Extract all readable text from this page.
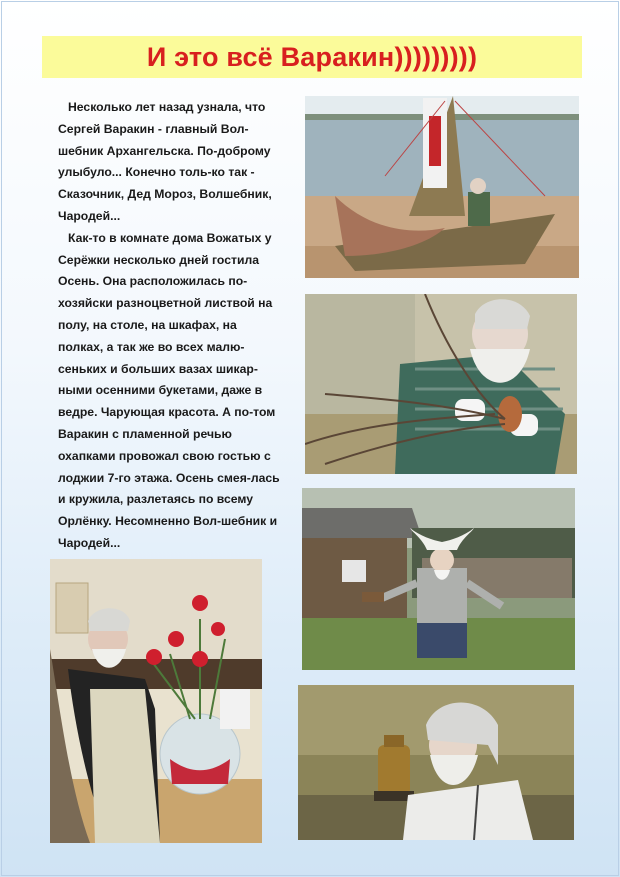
И это всё Варакин)))))))))

Несколько лет назад узнала, что Сергей Варакин - главный Вол-шебник Архангельска. По-доброму улыбуло... Конечно толь-ко так - Сказочник, Дед Мороз, Волшебник, Чародей...

Как-то в комнате дома Вожатых у Серёжки несколько дней гостила Осень. Она расположилась по-хозяйски разноцветной листвой на полу, на столе, на шкафах, на полках, а так же во всех малю-сеньких и больших вазах шикар-ными осенними букетами, даже в ведре. Чарующая красота. А по-том Варакин с пламенной речью охапками провожал свою гостью с лоджии 7-го этажа. Осень смея-лась и кружила, разлетаясь по всему Орлёнку. Несомненно Вол-шебник и Чародей...
